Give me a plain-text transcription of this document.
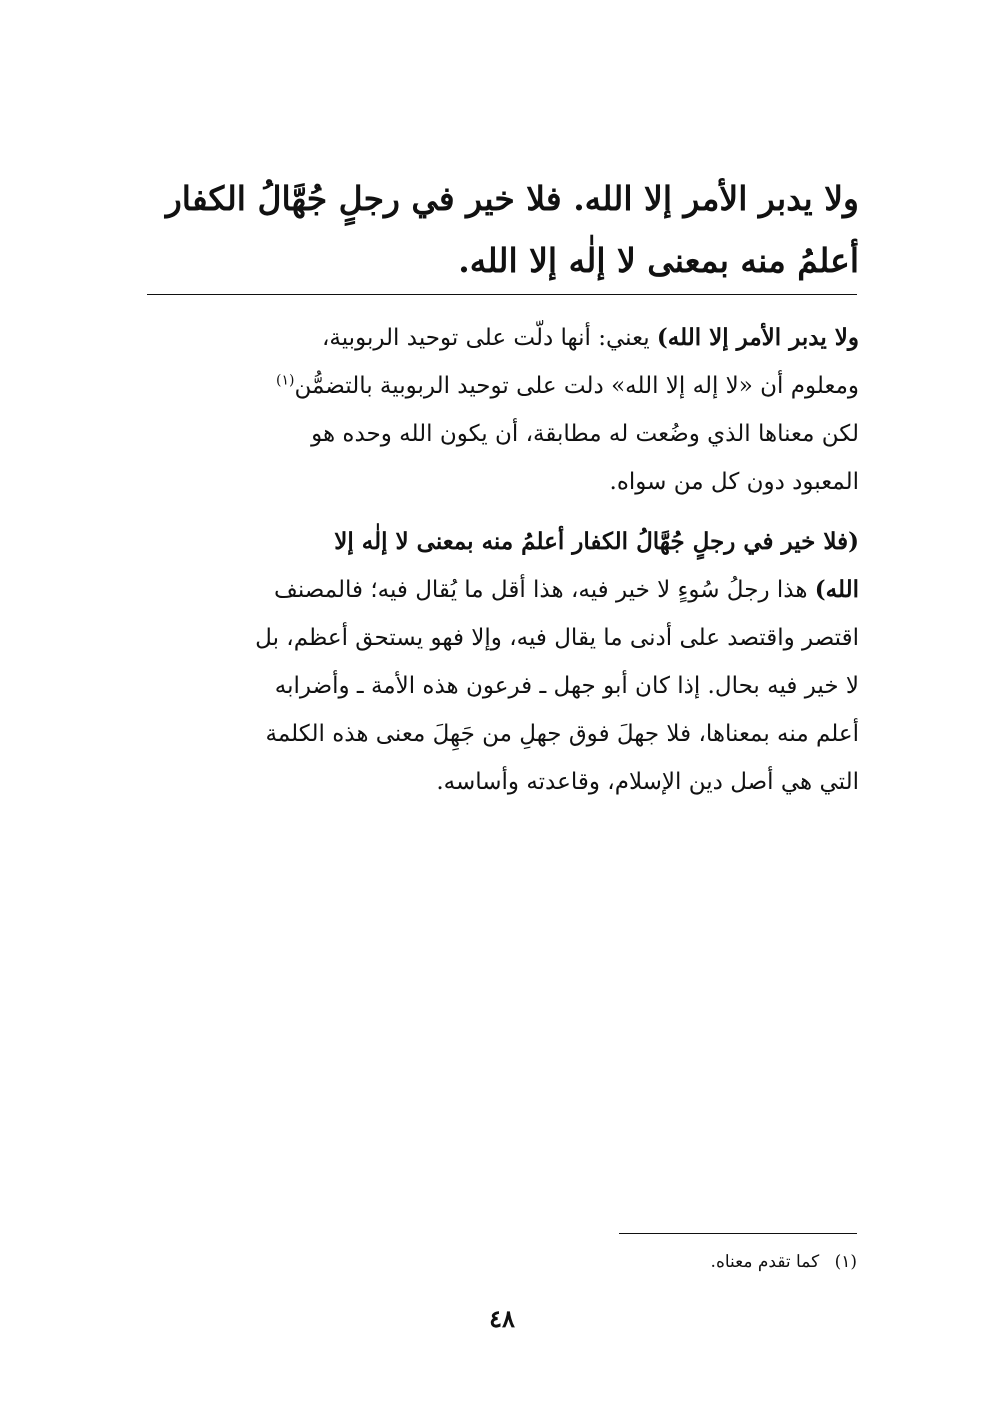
ولا يدبر الأمر إلا الله. فلا خير في رجلٍ جُهَّالُ الكفار

أعلمُ منه بمعنى لا إلٰه إلا الله.

ولا يدبر الأمر إلا الله) يعني: أنها دلّت على توحيد الربوبية،
ومعلوم أن «لا إله إلا الله» دلت على توحيد الربوبية بالتضمُّن$^{(١)}$
لكن معناها الذي وضُعت له مطابقة، أن يكون الله وحده هو
المعبود دون كل من سواه.
(فلا خير في رجلٍ جُهَّالُ الكفار أعلمُ منه بمعنى لا إلٰه إلا
الله) هذا رجلُ سُوءٍ لا خير فيه، هذا أقل ما يُقال فيه؛ فالمصنف
اقتصر واقتصد على أدنى ما يقال فيه، وإلا فهو يستحق أعظم، بل
لا خير فيه بحال. إذا كان أبو جهل ـ فرعون هذه الأمة ـ وأضرابه
أعلم منه بمعناها، فلا جهلَ فوق جهلِ من جَهِلَ معنى هذه الكلمة
التي هي أصل دين الإسلام، وقاعدته وأساسه.
(١) كما تقدم معناه.
٤٨
